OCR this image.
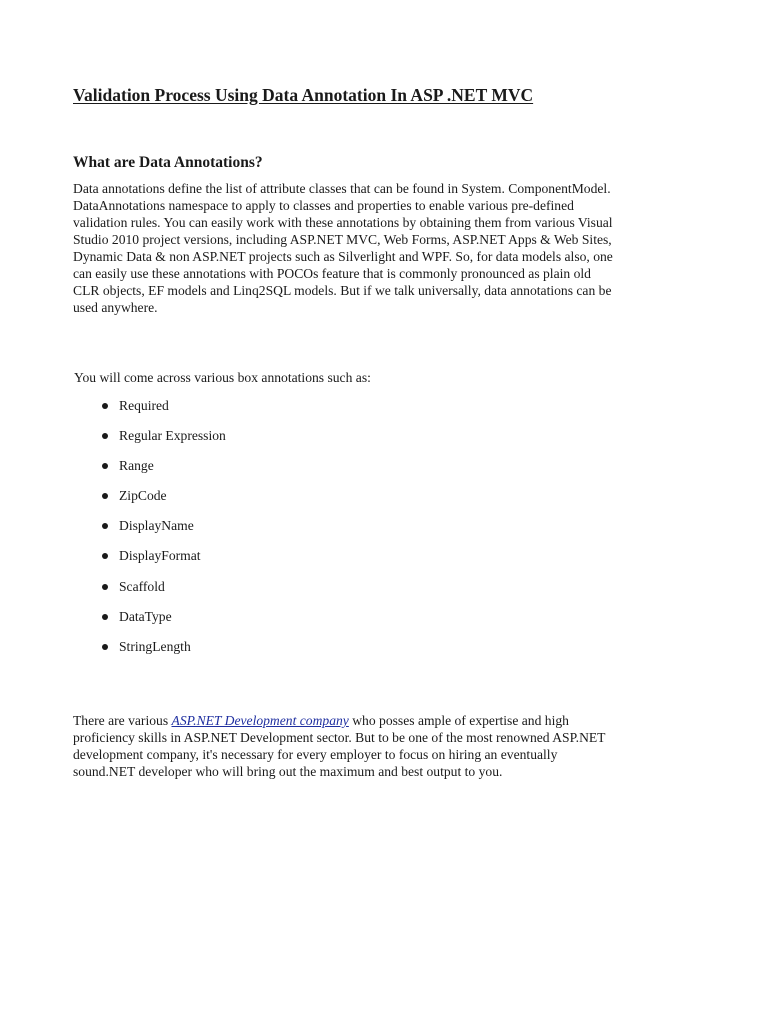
Validation Process Using Data Annotation In ASP .NET MVC
What are Data Annotations?

Data annotations define the list of attribute classes that can be found in System. ComponentModel.
DataAnnotations namespace to apply to classes and properties to enable various pre-defined
validation rules. You can easily work with these annotations by obtaining them from various Visual
Studio 2010 project versions, including ASP.NET MVC, Web Forms, ASP.NET Apps & Web Sites,
Dynamic Data & non ASP.NET projects such as Silverlight and WPF. So, for data models also, one
can easily use these annotations with POCOs feature that is commonly pronounced as plain old
CLR objects, EF models and Linq2SQL models. But if we talk universally, data annotations can be
used anywhere.

You will come across various box annotations such as:

Required
Regular Expression
Range
ZipCode
DisplayName
DisplayFormat
Scaffold
DataType
StringLength

There are various ASP.NET Development company who posses ample of expertise and high
proficiency skills in ASP.NET Development sector. But to be one of the most renowned ASP.NET
development company, it's necessary for every employer to focus on hiring an eventually
sound.NET developer who will bring out the maximum and best output to you.
